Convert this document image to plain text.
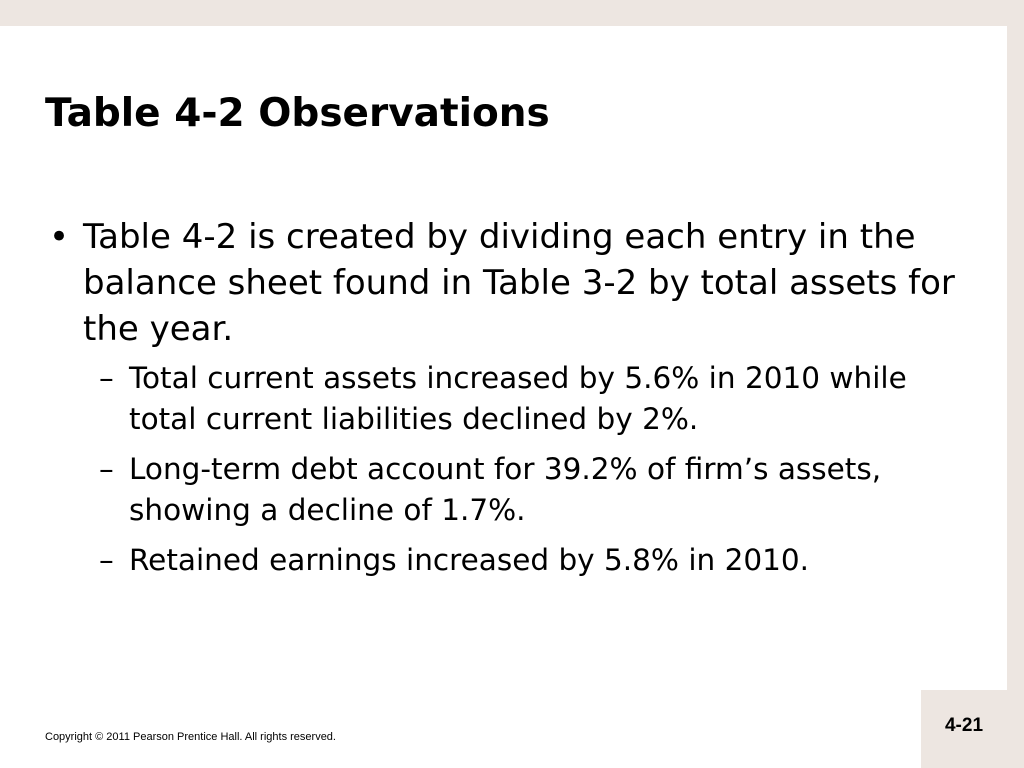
Table 4-2 Observations
• Table 4-2 is created by dividing each entry in the balance sheet found in Table 3-2 by total assets for the year.
– Total current assets increased by 5.6% in 2010 while total current liabilities declined by 2%.
– Long-term debt account for 39.2% of firm’s assets, showing a decline of 1.7%.
– Retained earnings increased by 5.8% in 2010.
Copyright © 2011 Pearson Prentice Hall. All rights reserved.
4-21
